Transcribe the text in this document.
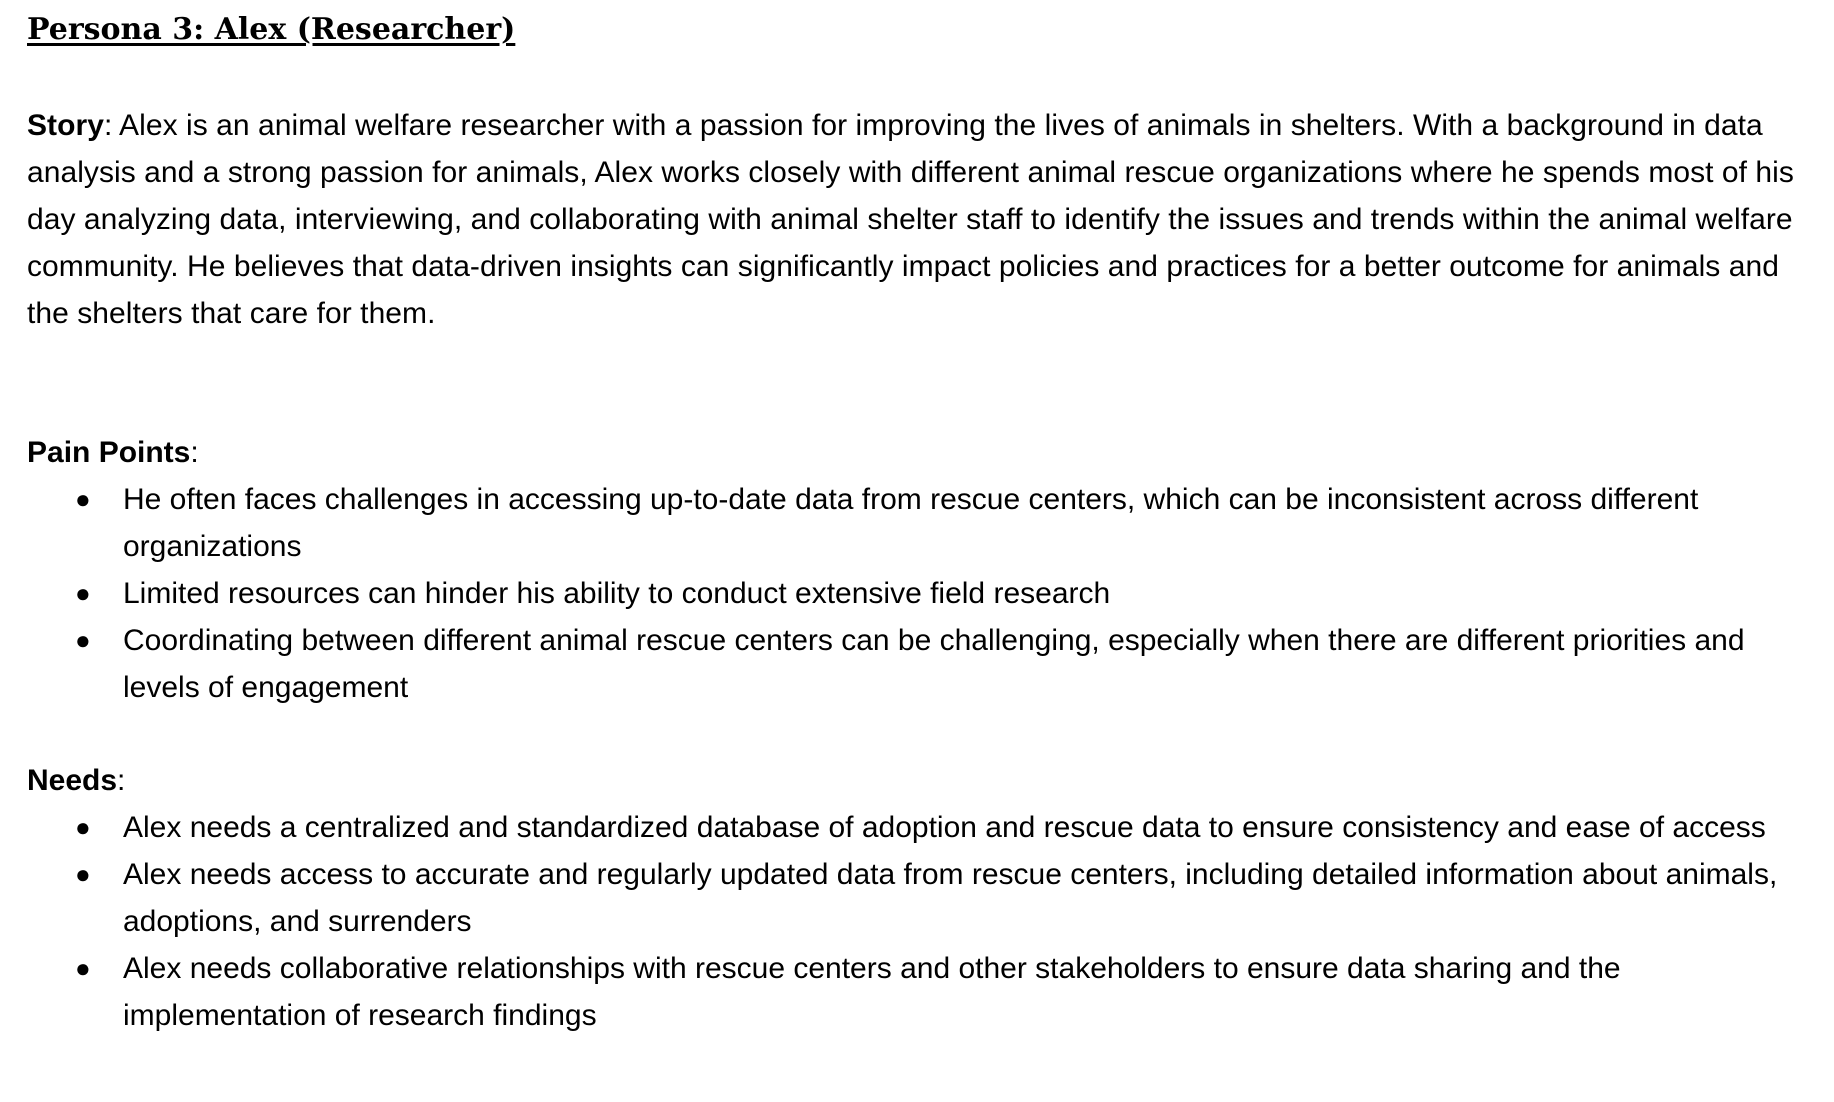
Persona 3: Alex (Researcher)

Story: Alex is an animal welfare researcher with a passion for improving the lives of animals in shelters. With a background in data analysis and a strong passion for animals, Alex works closely with different animal rescue organizations where he spends most of his day analyzing data, interviewing, and collaborating with animal shelter staff to identify the issues and trends within the animal welfare community. He believes that data-driven insights can significantly impact policies and practices for a better outcome for animals and the shelters that care for them.

Pain Points:

● He often faces challenges in accessing up-to-date data from rescue centers, which can be inconsistent across different organizations
● Limited resources can hinder his ability to conduct extensive field research
● Coordinating between different animal rescue centers can be challenging, especially when there are different priorities and levels of engagement

Needs:

● Alex needs a centralized and standardized database of adoption and rescue data to ensure consistency and ease of access
● Alex needs access to accurate and regularly updated data from rescue centers, including detailed information about animals, adoptions, and surrenders
● Alex needs collaborative relationships with rescue centers and other stakeholders to ensure data sharing and the implementation of research findings
